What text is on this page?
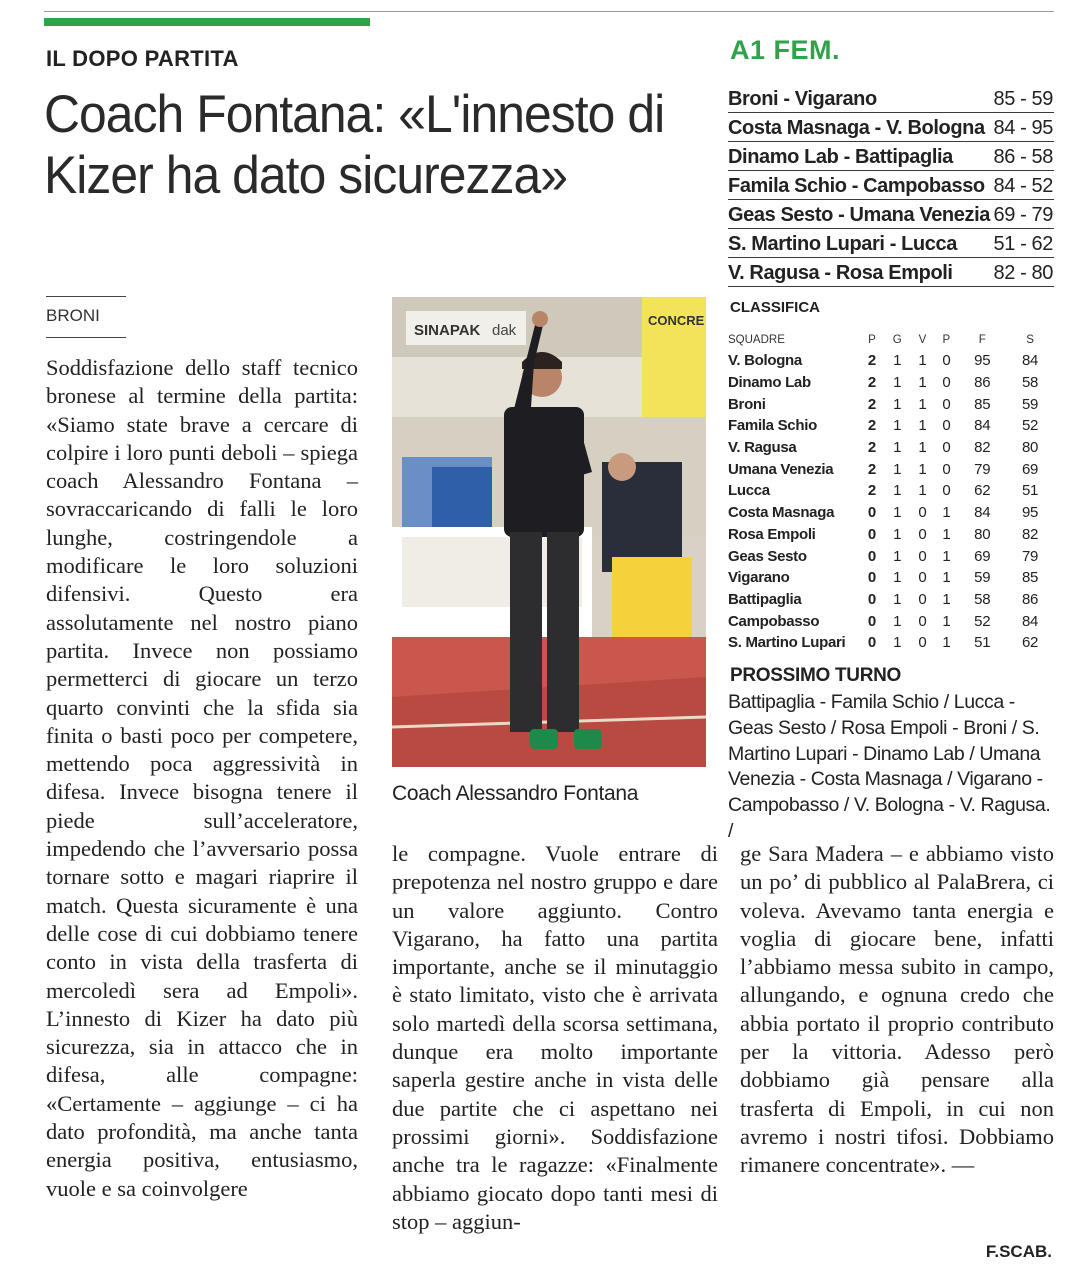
IL DOPO PARTITA
Coach Fontana: «L'innesto di Kizer ha dato sicurezza»
BRONI
Soddisfazione dello staff tecnico bronese al termine della partita: «Siamo state brave a cercare di colpire i loro punti deboli – spiega coach Alessandro Fontana – sovraccaricando di falli le loro lunghe, costringendole a modificare le loro soluzioni difensivi. Questo era assolutamente nel nostro piano partita. Invece non possiamo permetterci di giocare un terzo quarto convinti che la sfida sia finita o basti poco per competere, mettendo poca aggressività in difesa. Invece bisogna tenere il piede sull’acceleratore, impedendo che l’avversario possa tornare sotto e magari riaprire il match. Questa sicuramente è una delle cose di cui dobbiamo tenere conto in vista della trasferta di mercoledì sera ad Empoli». L’innesto di Kizer ha dato più sicurezza, sia in attacco che in difesa, alle compagne: «Certamente – aggiunge – ci ha dato profondità, ma anche tanta energia positiva, entusiasmo, vuole e sa coinvolgere
SINAPAK dak
CONCRE
Coach Alessandro Fontana
le compagne. Vuole entrare di prepotenza nel nostro gruppo e dare un valore aggiunto. Contro Vigarano, ha fatto una partita importante, anche se il minutaggio è stato limitato, visto che è arrivata solo martedì della scorsa settimana, dunque era molto importante saperla gestire anche in vista delle due partite che ci aspettano nei prossimi giorni». Soddisfazione anche tra le ragazze: «Finalmente abbiamo giocato dopo tanti mesi di stop – aggiun-
ge Sara Madera – e abbiamo visto un po’ di pubblico al PalaBrera, ci voleva. Avevamo tanta energia e voglia di giocare bene, infatti l’abbiamo messa subito in campo, allungando, e ognuna credo che abbia portato il proprio contributo per la vittoria. Adesso però dobbiamo già pensare alla trasferta di Empoli, in cui non avremo i nostri tifosi. Dobbiamo rimanere concentrate». —
F.SCAB.
A1 FEM.
Broni - Vigarano	85 - 59
Costa Masnaga - V. Bologna 84 - 95
Dinamo Lab - Battipaglia 86 - 58
Famila Schio - Campobasso 84 - 52
Geas Sesto - Umana Venezia 69 - 79
S. Martino Lupari - Lucca 51 - 62
V. Ragusa - Rosa Empoli 82 - 80
CLASSIFICA
SQUADRE	P	G	V	P	F	S
V. Bologna	2	1	1	0	95	84
Dinamo Lab	2	1	1	0	86	58
Broni	2	1	1	0	85	59
Famila Schio	2	1	1	0	84	52
V. Ragusa	2	1	1	0	82	80
Umana Venezia	2	1	1	0	79	69
Lucca	2	1	1	0	62	51
Costa Masnaga	0	1	0	1	84	95
Rosa Empoli	0	1	0	1	80	82
Geas Sesto	0	1	0	1	69	79
Vigarano	0	1	0	1	59	85
Battipaglia	0	1	0	1	58	86
Campobasso	0	1	0	1	52	84
S. Martino Lupari	0	1	0	1	51	62
PROSSIMO TURNO
Battipaglia - Famila Schio / Lucca - Geas Sesto / Rosa Empoli - Broni / S. Martino Lupari - Dinamo Lab / Umana Venezia - Costa Masnaga / Vigarano - Campobasso / V. Bologna - V. Ragusa. /
